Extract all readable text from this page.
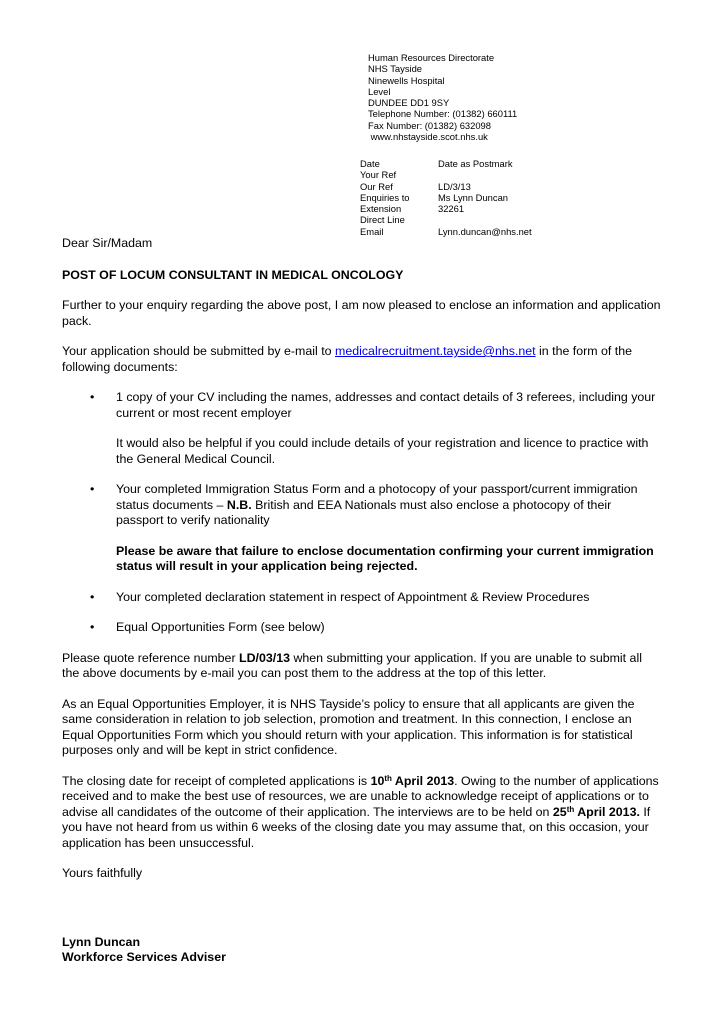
Human Resources Directorate
NHS Tayside
Ninewells Hospital
Level
DUNDEE DD1 9SY
Telephone Number: (01382) 660111
Fax Number: (01382) 632098
www.nhstayside.scot.nhs.uk
Date	Date as Postmark
Your Ref	
Our Ref	LD/3/13
Enquiries to	Ms Lynn Duncan
Extension	32261
Direct Line	
Email	Lynn.duncan@nhs.net

Dear Sir/Madam

POST OF LOCUM CONSULTANT IN MEDICAL ONCOLOGY

Further to your enquiry regarding the above post, I am now pleased to enclose an information and application pack.

Your application should be submitted by e-mail to medicalrecruitment.tayside@nhs.net in the form of the following documents:

• 1 copy of your CV including the names, addresses and contact details of 3 referees, including your current or most recent employer
It would also be helpful if you could include details of your registration and licence to practice with the General Medical Council.
• Your completed Immigration Status Form and a photocopy of your passport/current immigration status documents – N.B. British and EEA Nationals must also enclose a photocopy of their passport to verify nationality
Please be aware that failure to enclose documentation confirming your current immigration status will result in your application being rejected.
• Your completed declaration statement in respect of Appointment & Review Procedures
• Equal Opportunities Form (see below)

Please quote reference number LD/03/13 when submitting your application. If you are unable to submit all the above documents by e-mail you can post them to the address at the top of this letter.

As an Equal Opportunities Employer, it is NHS Tayside’s policy to ensure that all applicants are given the same consideration in relation to job selection, promotion and treatment. In this connection, I enclose an Equal Opportunities Form which you should return with your application. This information is for statistical purposes only and will be kept in strict confidence.

The closing date for receipt of completed applications is 10th April 2013. Owing to the number of applications received and to make the best use of resources, we are unable to acknowledge receipt of applications or to advise all candidates of the outcome of their application. The interviews are to be held on 25th April 2013. If you have not heard from us within 6 weeks of the closing date you may assume that, on this occasion, your application has been unsuccessful.

Yours faithfully

Lynn Duncan

Workforce Services Adviser
